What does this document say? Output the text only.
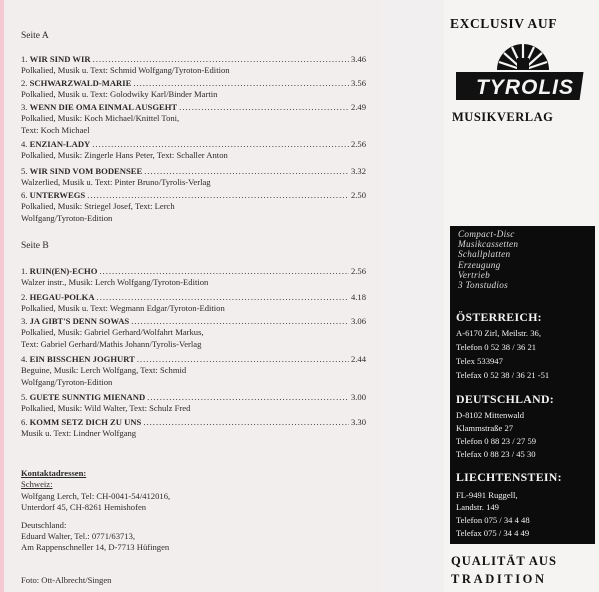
Seite A
1.
WIR SIND WIR .....	3.46
Polkalied, Musik u. Text: Schmid Wolfgang/Tyroton-Edition
2.
SCHWARZWALD-MARIE .....	3.56
Polkalied, Musik u. Text: Golodwiky Karl/Binder Martin
3.
WENN DIE OMA EINMAL AUSGEHT .....	2.49
Polkalied, Musik: Koch Michael/Knittel Toni,
Text: Koch Michael
4.
ENZIAN-LADY .....	2.56
Polkalied, Musik: Zingerle Hans Peter, Text: Schaller Anton
5.
WIR SIND VOM BODENSEE .....	3.32
Walzerlied, Musik u. Text: Pinter Bruno/Tyrolis-Verlag
6.
UNTERWEGS .....	2.50
Polkalied, Musik: Striegel Josef, Text: Lerch
Wolfgang/Tyroton-Edition
Seite B
1.
RUIN(EN)-ECHO .....	2.56
Walzer instr., Musik: Lerch Wolfgang/Tyroton-Edition
2.
HEGAU-POLKA .....	4.18
Polkalied, Musik u. Text: Wegmann Edgar/Tyroton-Edition
3.
JA GIBT'S DENN SOWAS .....	3.06
Polkalied, Musik: Gabriel Gerhard/Wolfahrt Markus,
Text: Gabriel Gerhard/Mathis Johann/Tyrolis-Verlag
4.
EIN BISSCHEN JOGHURT .....	2.44
Beguine, Musik: Lerch Wolfgang, Text: Schmid
Wolfgang/Tyroton-Edition
5.
GUETE SUNNTIG MIENAND .....	3.00
Polkalied, Musik: Wild Walter, Text: Schulz Fred
6.
KOMM SETZ DICH ZU UNS .....	3.30
Musik u. Text: Lindner Wolfgang
Kontaktadressen:
Schweiz:
Wolfgang Lerch, Tel: CH-0041-54/412016,
Unterdorf 45, CH-8261 Hemishofen
Deutschland:
Eduard Walter, Tel.: 0771/63713,
Am Rappenschneller 14, D-7713 Hüfingen
Foto: Ott-Albrecht/Singen
EXCLUSIV AUF
TYROLIS
MUSIKVERLAG
Compact-Disc
Musikcassetten
Schallplatten
Erzeugung
Vertrieb
3 Tonstudios
ÖSTERREICH:
A-6170 Zirl, Meilstr. 36,
Telefon 0 52 38 / 36 21
Telex 533947
Telefax 0 52 38 / 36 21 -51
DEUTSCHLAND:
D-8102 Mittenwald
Klammstraße 27
Telefon 0 88 23 / 27 59
Telefax 0 88 23 / 45 30
LIECHTENSTEIN:
FL-9491 Ruggell,
Landstr. 149
Telefon 075 / 34 4 48
Telefax 075 / 34 4 49
QUALITÄT AUS
TRADITION
